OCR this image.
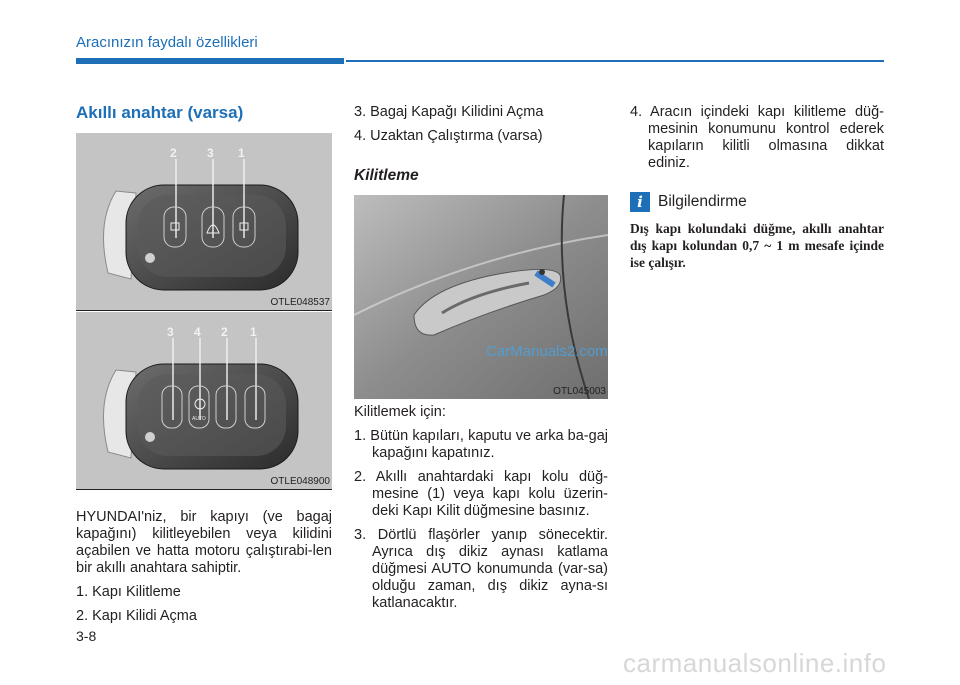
Aracınızın faydalı özellikleri
Akıllı anahtar (varsa)
2	3 1
OTLE048537
AUTO
3 4 2 1
OTLE048900

HYUNDAI'niz, bir kapıyı (ve bagaj kapağını) kilitleyebilen veya kilidini açabilen ve hatta motoru çalıştırabi-len bir akıllı anahtara sahiptir.

1. Kapı Kilitleme

2. Kapı Kilidi Açma

3. Bagaj Kapağı Kilidini Açma

4. Uzaktan Çalıştırma (varsa)

Kilitleme
OTL045003
CarManuals2.com

Kilitlemek için:

1. Bütün kapıları, kaputu ve arka ba-gaj kapağını kapatınız.

2. Akıllı anahtardaki kapı kolu düğ-mesine (1) veya kapı kolu üzerin-deki Kapı Kilit düğmesine basınız.

3. Dörtlü flaşörler yanıp sönecektir. Ayrıca dış dikiz aynası katlama düğmesi AUTO konumunda (var-sa) olduğu zaman, dış dikiz ayna-sı katlanacaktır.

4. Aracın içindeki kapı kilitleme düğ-mesinin konumunu kontrol ederek kapıların kilitli olmasına dikkat ediniz.

i Bilgilendirme
Dış kapı kolundaki düğme, akıllı anahtar dış kapı kolundan 0,7 ~ 1 m mesafe içinde ise çalışır.
3-8
carmanualsonline.info
